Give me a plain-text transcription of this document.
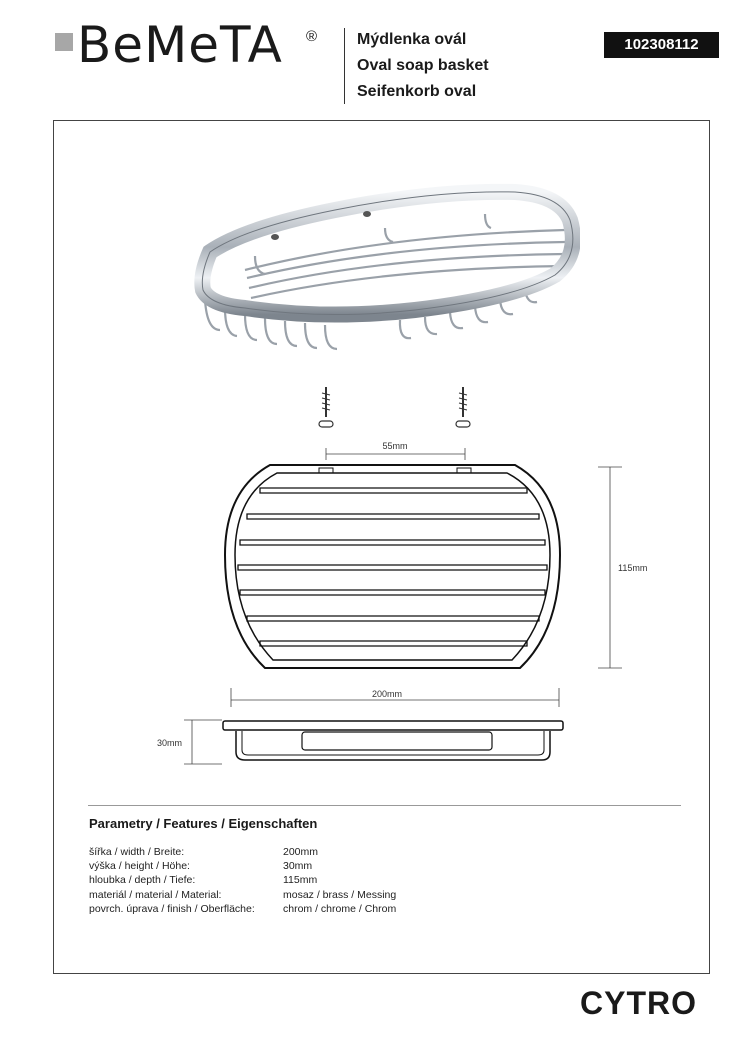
BeMeTA ® Mýdlenka ovál
Oval soap basket
Seifenkorb oval
102308112
55mm
115mm
200mm
30mm
Parametry / Features / Eigenschaften
šířka / width / Breite:	200mm
výška / height / Höhe:	30mm
hloubka / depth / Tiefe:	115mm
materiál / material / Material:	mosaz / brass / Messing
povrch. úprava / finish / Oberfläche:	chrom / chrome / Chrom
CYTRO
